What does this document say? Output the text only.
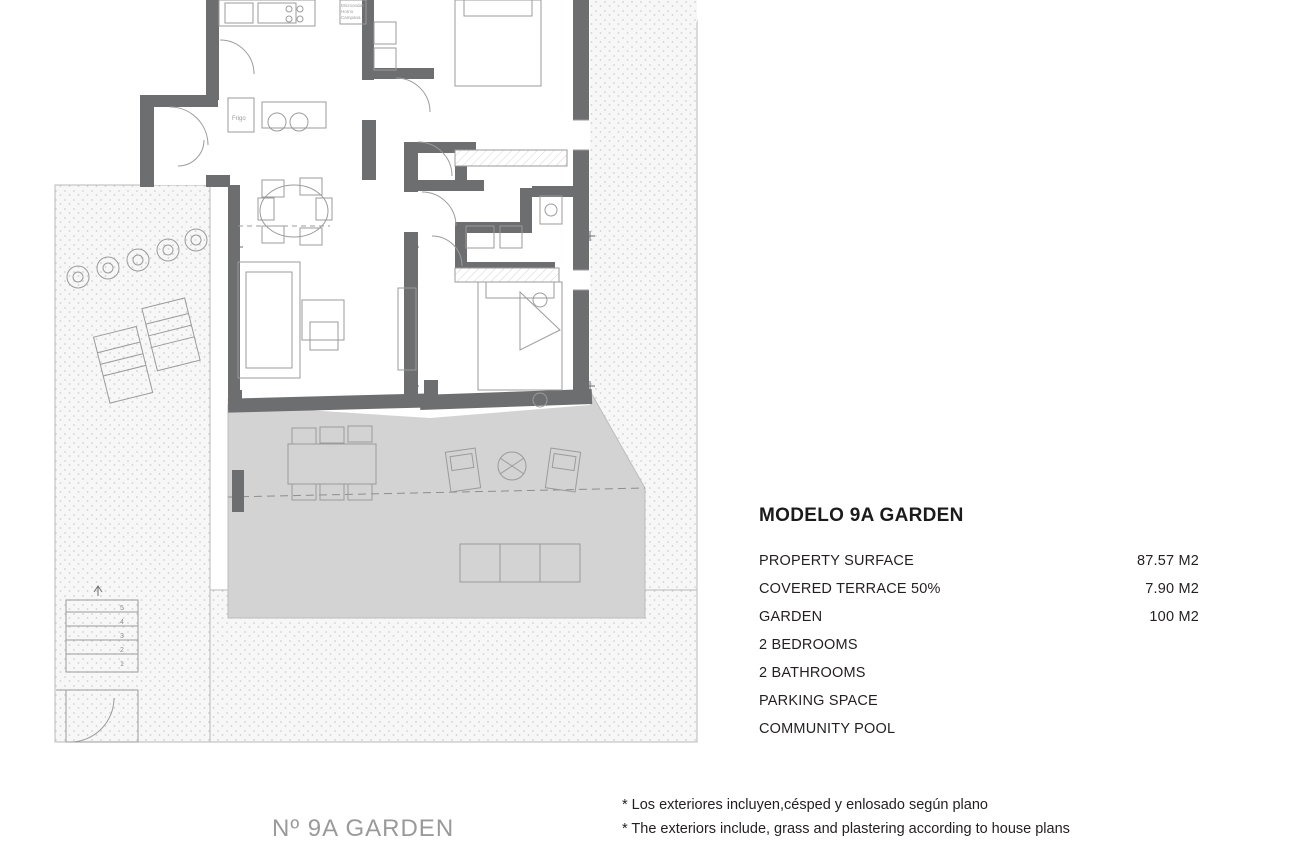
5
4
3
2
1
Microondas
Horno
Campana
Frigo
Nº 9A GARDEN
MODELO 9A GARDEN
PROPERTY SURFACE	87.57 M2
COVERED TERRACE 50%	7.90 M2
GARDEN	100 M2
2 BEDROOMS
2 BATHROOMS
PARKING SPACE
COMMUNITY POOL
* Los exteriores incluyen,césped y enlosado según plano
* The exteriors include, grass and plastering according to house plans
